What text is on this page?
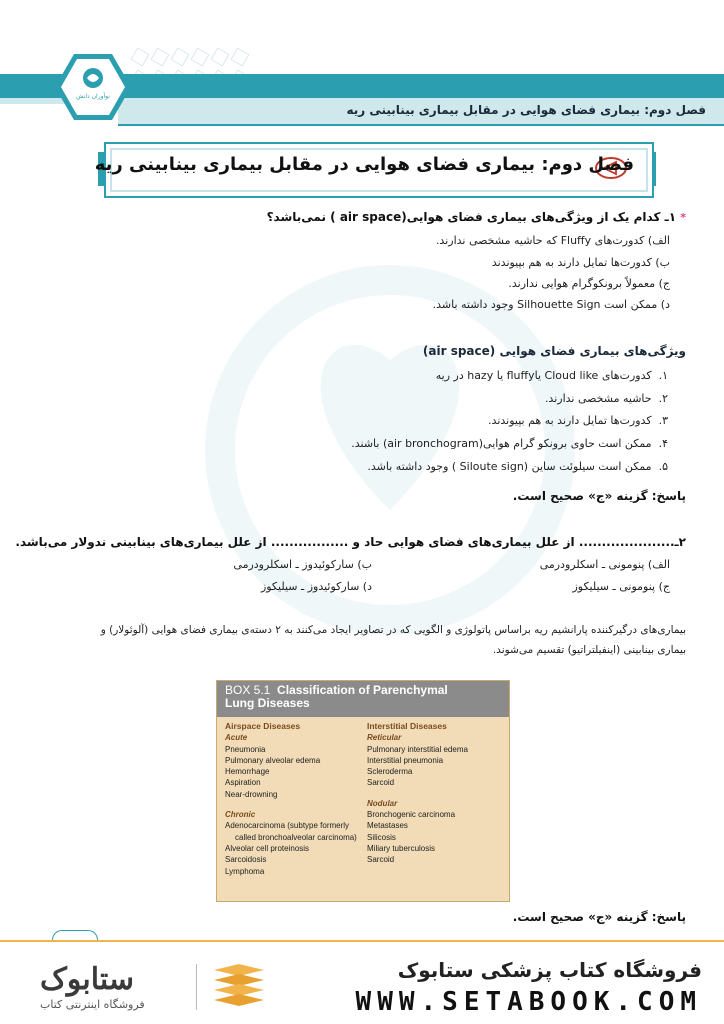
فصل دوم: بیماری فضای هوایی در مقابل بیماری بینابینی ریه
نوآوران دانش
فصل دوم: بیماری فضای هوایی در مقابل بیماری بینابینی ریه
* ۱ـ کدام یک از ویژگی‌های بیماری فضای هوایی(air space ) نمی‌باشد؟
الف) کدورت‌های Fluffy که حاشیه مشخصی ندارند.
ب) کدورت‌ها تمایل دارند به هم بپیوندند
ج) معمولاً برونکوگرام هوایی ندارند.
د) ممکن است Silhouette Sign وجود داشته باشد.
ویژگی‌های بیماری فضای هوایی (air space)
۱.  کدورت‌های Cloud like یاfluffy یا hazy در ریه
۲.  حاشیه مشخصی ندارند.
۳.  کدورت‌ها تمایل دارند به هم بپیوندند.
۴.  ممکن است حاوی برونکو گرام هوایی(air bronchogram) باشند.
۵.  ممکن است سیلوئت ساین (Siloute sign ) وجود داشته باشد.
پاسخ: گزینه «ج» صحیح است.
۲ـ..................... از علل بیماری‌های فضای هوایی حاد و ................. از علل بیماری‌های بینابینی ندولار می‌باشد.
الف) پنومونی ـ اسکلرودرمی
ب) سارکوئیدوز ـ اسکلرودرمی
ج) پنومونی ـ سیلیکوز
د) سارکوئیدوز ـ سیلیکوز
بیماری‌های درگیرکننده پارانشیم ریه براساس پاتولوژی و الگویی که در تصاویر ایجاد می‌کنند به ۲ دسته‌ی بیماری فضای هوایی (آلوئولار) و
بیماری بینابینی (اینفیلتراتیو) تقسیم می‌شوند.
BOX 5.1 Classification of Parenchymal
Lung Diseases
Airspace Diseases
Acute
Pneumonia
Pulmonary alveolar edema
Hemorrhage
Aspiration
Near-drowning
Chronic
Adenocarcinoma (subtype formerly
called bronchoalveolar carcinoma)
Alveolar cell proteinosis
Sarcoidosis
Lymphoma
Interstitial Diseases
Reticular
Pulmonary interstitial edema
Interstitial pneumonia
Scleroderma
Sarcoid
Nodular
Bronchogenic carcinoma
Metastases
Silicosis
Miliary tuberculosis
Sarcoid
پاسخ: گزینه «ج» صحیح است.
فروشگاه کتاب پزشکی ستابوک
WWW.SETABOOK.COM
ستابوک
فروشگاه اینترنتی کتاب
